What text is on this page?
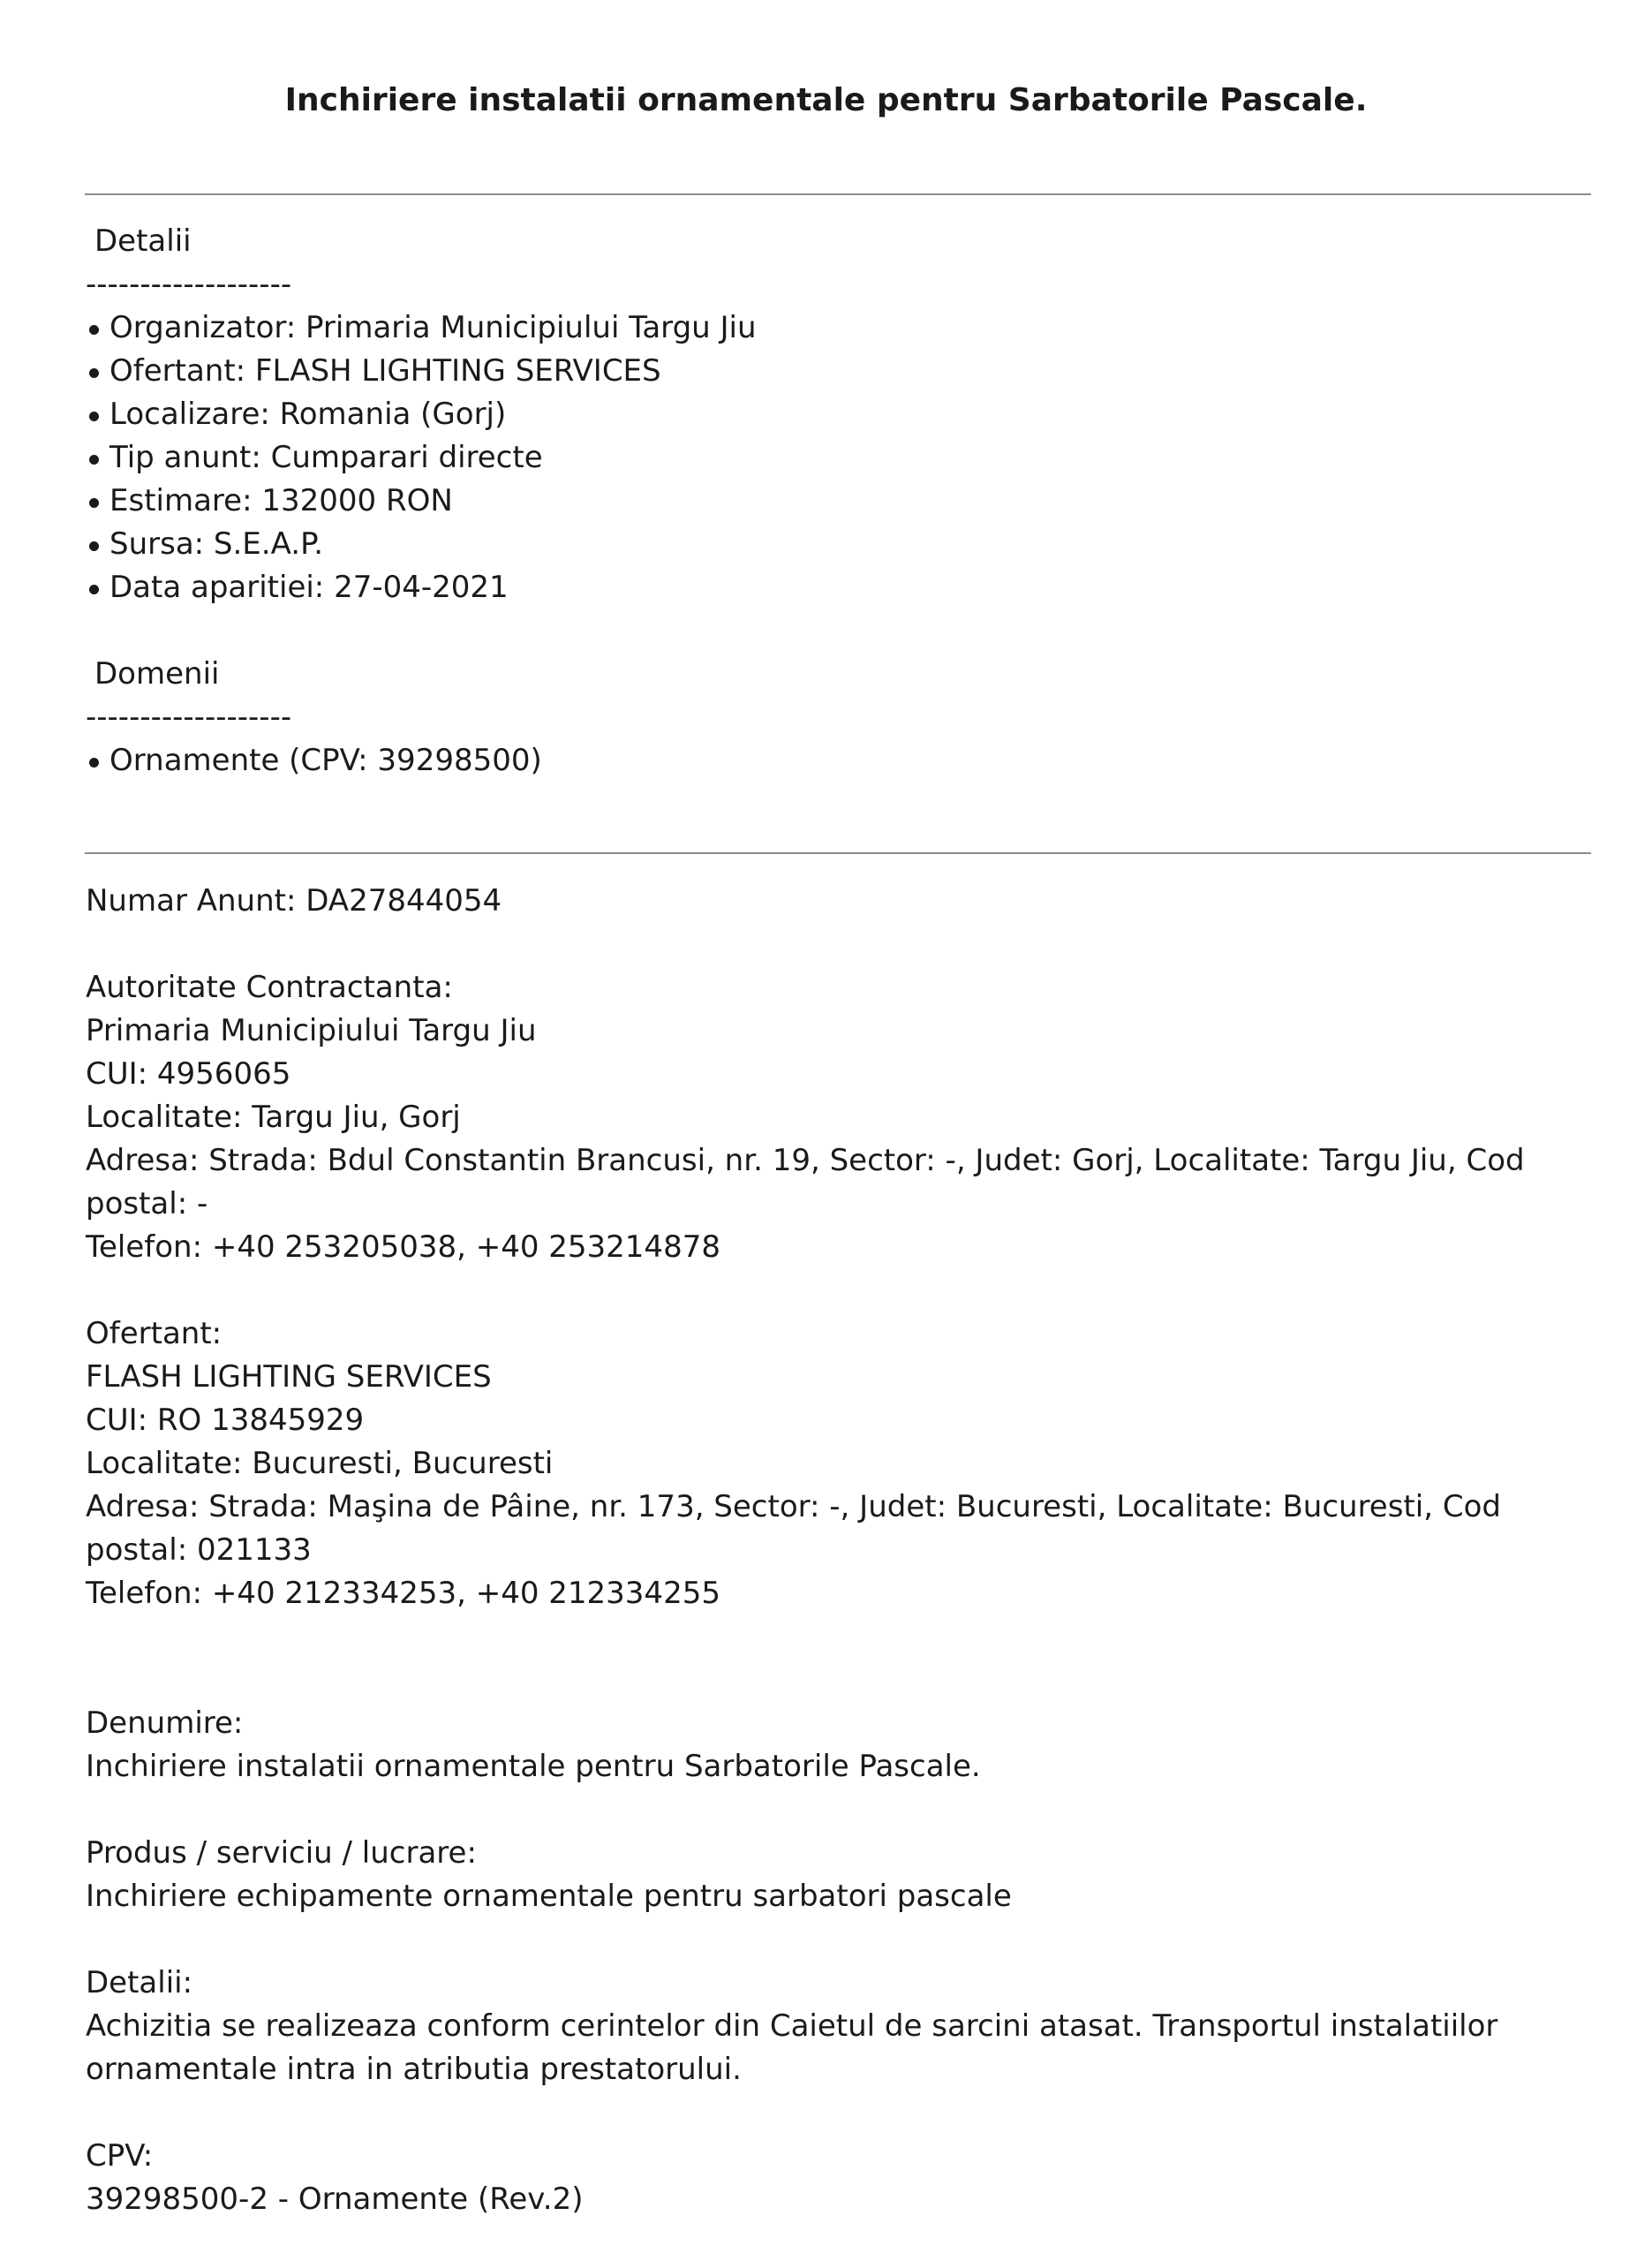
Inchiriere instalatii ornamentale pentru Sarbatorile Pascale.

Detalii

-------------------

Organizator: Primaria Municipiului Targu Jiu
Ofertant: FLASH LIGHTING SERVICES
Localizare: Romania (Gorj)
Tip anunt: Cumparari directe
Estimare: 132000 RON
Sursa: S.E.A.P.
Data aparitiei: 27-04-2021

Domenii

-------------------

Ornamente (CPV: 39298500)
Numar Anunt: DA27844054
Autoritate Contractanta:
Primaria Municipiului Targu Jiu
CUI: 4956065
Localitate: Targu Jiu, Gorj
Adresa: Strada: Bdul Constantin Brancusi, nr. 19, Sector: -, Judet: Gorj, Localitate: Targu Jiu, Cod postal: -
Telefon: +40 253205038, +40 253214878
Ofertant:
FLASH LIGHTING SERVICES
CUI: RO 13845929
Localitate: Bucuresti, Bucuresti
Adresa: Strada: Maşina de Pâine, nr. 173, Sector: -, Judet: Bucuresti, Localitate: Bucuresti, Cod postal: 021133
Telefon: +40 212334253, +40 212334255
Denumire:
Inchiriere instalatii ornamentale pentru Sarbatorile Pascale.
Produs / serviciu / lucrare:
Inchiriere echipamente ornamentale pentru sarbatori pascale
Detalii:
Achizitia se realizeaza conform cerintelor din Caietul de sarcini atasat. Transportul instalatiilor ornamentale intra in atributia prestatorului.
CPV:
39298500-2 - Ornamente (Rev.2)
